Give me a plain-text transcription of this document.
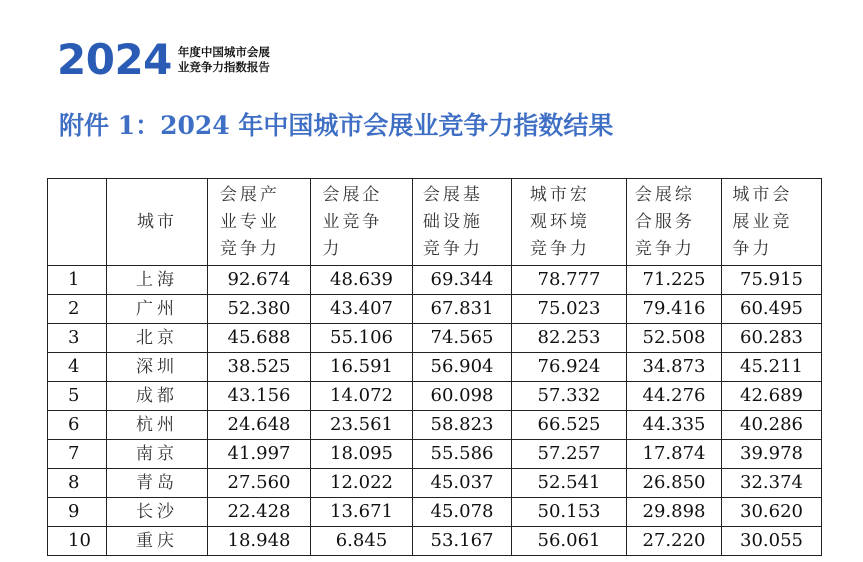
2024 年度中国城市会展
业竞争力指数报告
附件 1：2024 年中国城市会展业竞争力指数结果
	城市	会展产业专业竞争力	会展企业竞争力	会展基础设施竞争力	城市宏观环境竞争力	会展综合服务竞争力	城市会展业竞争力
1	上海	92.674	48.639	69.344	78.777	71.225	75.915
2	广州	52.380	43.407	67.831	75.023	79.416	60.495
3	北京	45.688	55.106	74.565	82.253	52.508	60.283
4	深圳	38.525	16.591	56.904	76.924	34.873	45.211
5	成都	43.156	14.072	60.098	57.332	44.276	42.689
6	杭州	24.648	23.561	58.823	66.525	44.335	40.286
7	南京	41.997	18.095	55.586	57.257	17.874	39.978
8	青岛	27.560	12.022	45.037	52.541	26.850	32.374
9	长沙	22.428	13.671	45.078	50.153	29.898	30.620
10	重庆	18.948	6.845	53.167	56.061	27.220	30.055
